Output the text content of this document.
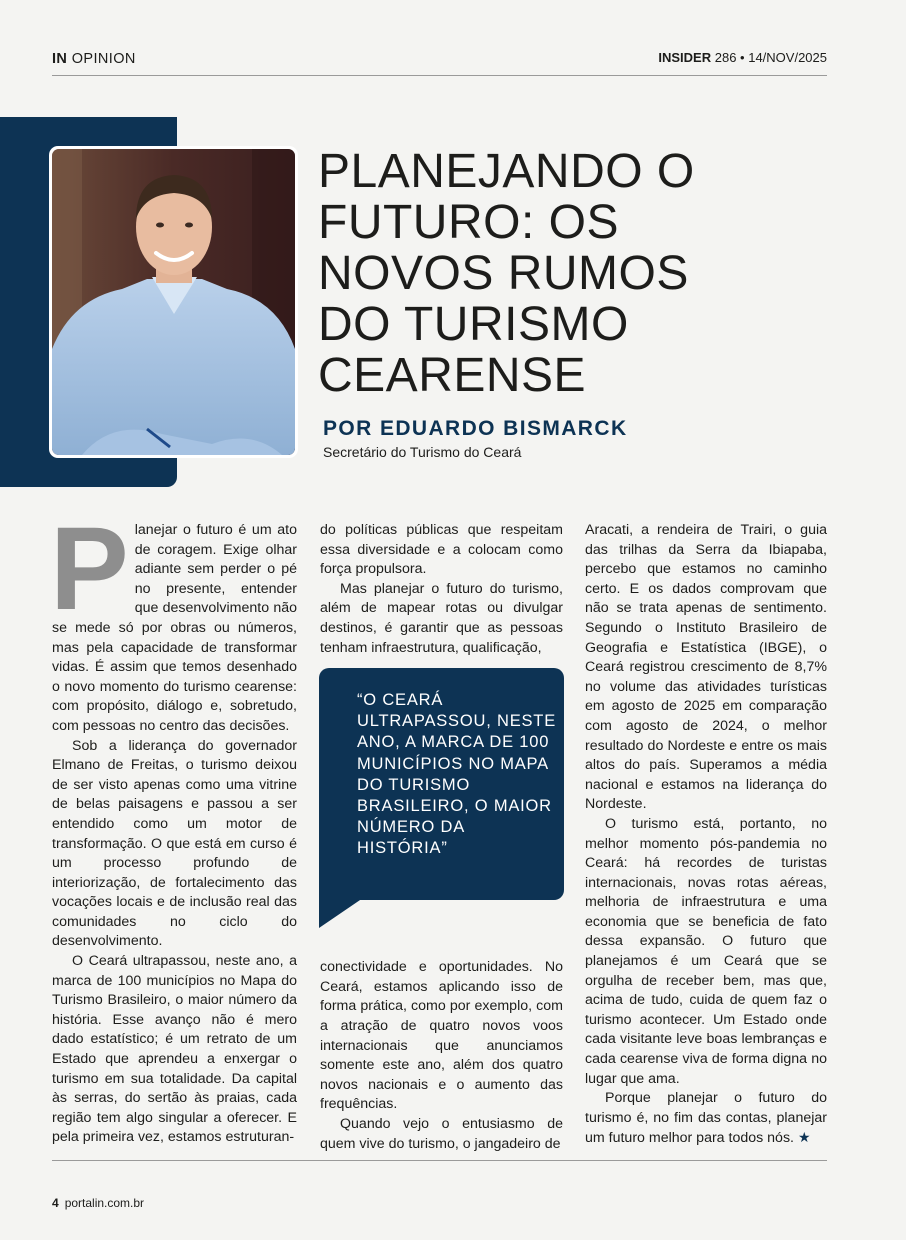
IN OPINION	INSIDER 286 • 14/NOV/2025
PLANEJANDO O FUTURO: OS NOVOS RUMOS DO TURISMO CEARENSE
POR EDUARDO BISMARCK
Secretário do Turismo do Ceará

Planejar o futuro é um ato de coragem. Exige olhar adiante sem perder o pé no presente, entender que desenvolvimento não se mede só por obras ou números, mas pela capacidade de transformar vidas. É assim que temos desenhado o novo momento do turismo cearense: com propósito, diálogo e, sobretudo, com pessoas no centro das decisões.

Sob a liderança do governador Elmano de Freitas, o turismo deixou de ser visto apenas como uma vitrine de belas paisagens e passou a ser entendido como um motor de transformação. O que está em curso é um processo profundo de interiorização, de fortalecimento das vocações locais e de inclusão real das comunidades no ciclo do desenvolvimento.

O Ceará ultrapassou, neste ano, a marca de 100 municípios no Mapa do Turismo Brasileiro, o maior número da história. Esse avanço não é mero dado estatístico; é um retrato de um Estado que aprendeu a enxergar o turismo em sua totalidade. Da capital às serras, do sertão às praias, cada região tem algo singular a oferecer. E pela primeira vez, estamos estruturan-

do políticas públicas que respeitam essa diversidade e a colocam como força propulsora.

Mas planejar o futuro do turismo, além de mapear rotas ou divulgar destinos, é garantir que as pessoas tenham infraestrutura, qualificação,

conectividade e oportunidades. No Ceará, estamos aplicando isso de forma prática, como por exemplo, com a atração de quatro novos voos internacionais que anunciamos somente este ano, além dos quatro novos nacionais e o aumento das frequências.

Quando vejo o entusiasmo de quem vive do turismo, o jangadeiro de

“O CEARÁ ULTRAPASSOU, NESTE ANO, A MARCA DE 100 MUNICÍPIOS NO MAPA DO TURISMO BRASILEIRO, O MAIOR NÚMERO DA HISTÓRIA”

Aracati, a rendeira de Trairi, o guia das trilhas da Serra da Ibiapaba, percebo que estamos no caminho certo. E os dados comprovam que não se trata apenas de sentimento. Segundo o Instituto Brasileiro de Geografia e Estatística (IBGE), o Ceará registrou crescimento de 8,7% no volume das atividades turísticas em agosto de 2025 em comparação com agosto de 2024, o melhor resultado do Nordeste e entre os mais altos do país. Superamos a média nacional e estamos na liderança do Nordeste.

O turismo está, portanto, no melhor momento pós-pandemia no Ceará: há recordes de turistas internacionais, novas rotas aéreas, melhoria de infraestrutura e uma economia que se beneficia de fato dessa expansão. O futuro que planejamos é um Ceará que se orgulha de receber bem, mas que, acima de tudo, cuida de quem faz o turismo acontecer. Um Estado onde cada visitante leve boas lembranças e cada cearense viva de forma digna no lugar que ama.

Porque planejar o futuro do turismo é, no fim das contas, planejar um futuro melhor para todos nós. ★

4 portalin.com.br
